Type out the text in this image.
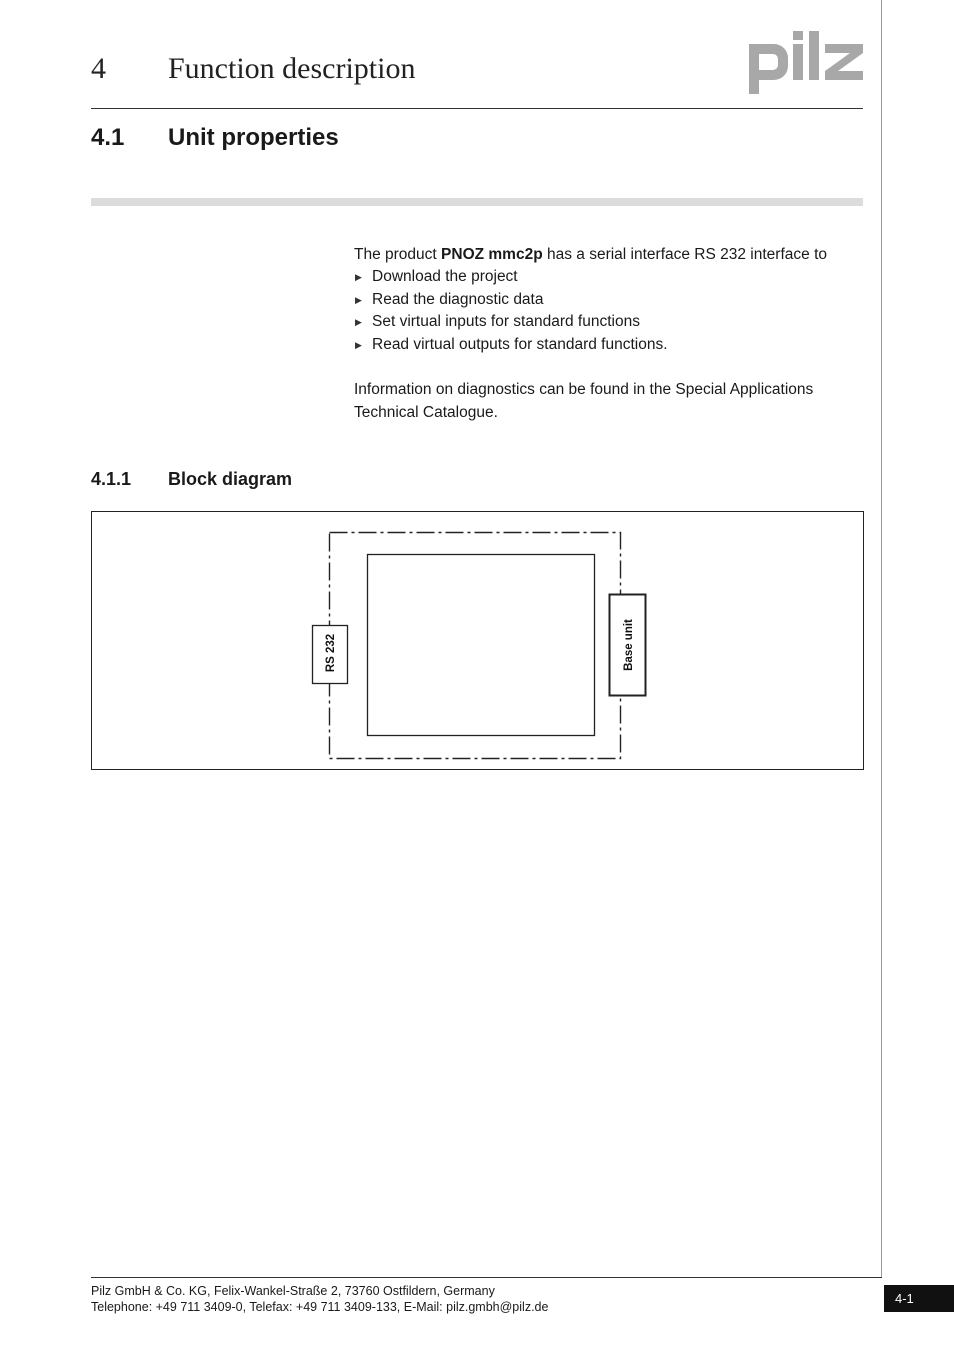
4 Function description
4.1 Unit properties
The product PNOZ mmc2p has a serial interface RS 232 interface to
▶ Download the project
▶ Read the diagnostic data
▶ Set virtual inputs for standard functions
▶ Read virtual outputs for standard functions.
Information on diagnostics can be found in the Special Applications Technical Catalogue.
4.1.1 Block diagram
RS 232	Base unit
Pilz GmbH & Co. KG, Felix-Wankel-Straße 2, 73760 Ostfildern, Germany
Telephone: +49 711 3409-0, Telefax: +49 711 3409-133, E-Mail: pilz.gmbh@pilz.de
4-1
